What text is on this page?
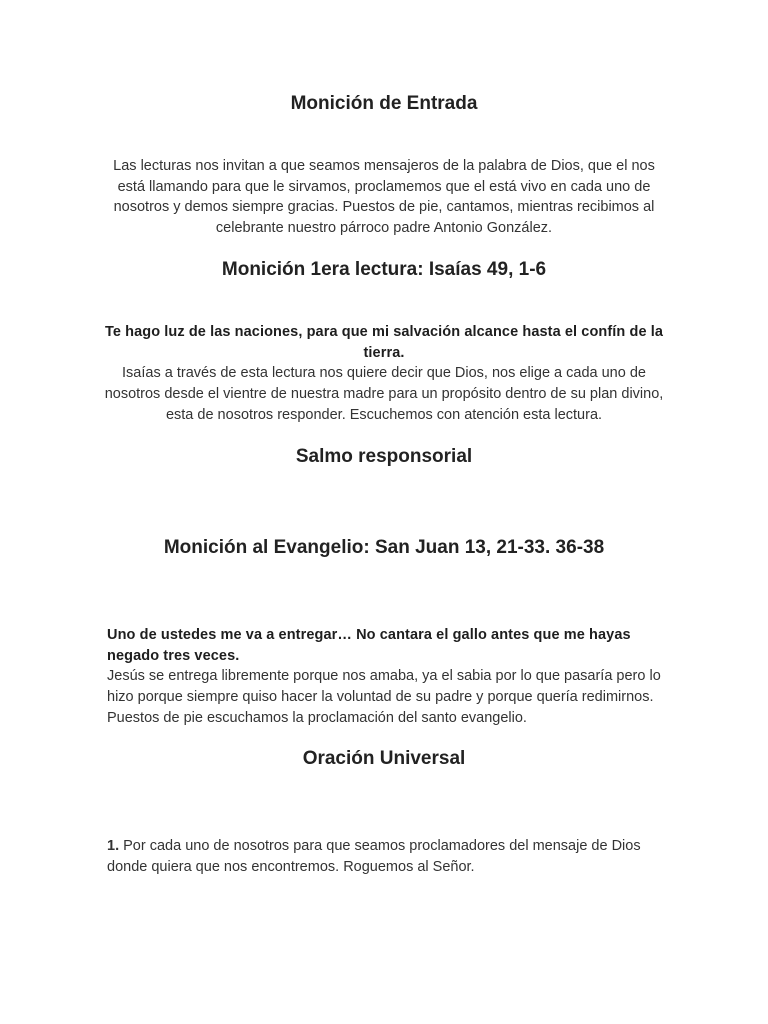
Monición de Entrada

Las lecturas nos invitan a que seamos mensajeros de la palabra de Dios, que el nos está llamando para que le sirvamos, proclamemos que el está vivo en cada uno de nosotros y demos siempre gracias. Puestos de pie, cantamos, mientras recibimos al celebrante nuestro párroco padre Antonio González.

Monición 1era lectura: Isaías 49, 1-6

Te hago luz de las naciones, para que mi salvación alcance hasta el confín de la tierra.

Isaías a través de esta lectura nos quiere decir que Dios, nos elige a cada uno de nosotros desde el vientre de nuestra madre para un propósito dentro de su plan divino, esta de nosotros responder. Escuchemos con atención esta lectura.

Salmo responsorial
Monición al Evangelio: San Juan 13, 21-33. 36-38

Uno de ustedes me va a entregar… No cantara el gallo antes que me hayas negado tres veces.

Jesús se entrega libremente porque nos amaba, ya el sabia por lo que pasaría pero lo hizo porque siempre quiso hacer la voluntad de su padre y porque quería redimirnos. Puestos de pie escuchamos la proclamación del santo evangelio.

Oración Universal

1. Por cada uno de nosotros para que seamos proclamadores del mensaje de Dios donde quiera que nos encontremos. Roguemos al Señor.
